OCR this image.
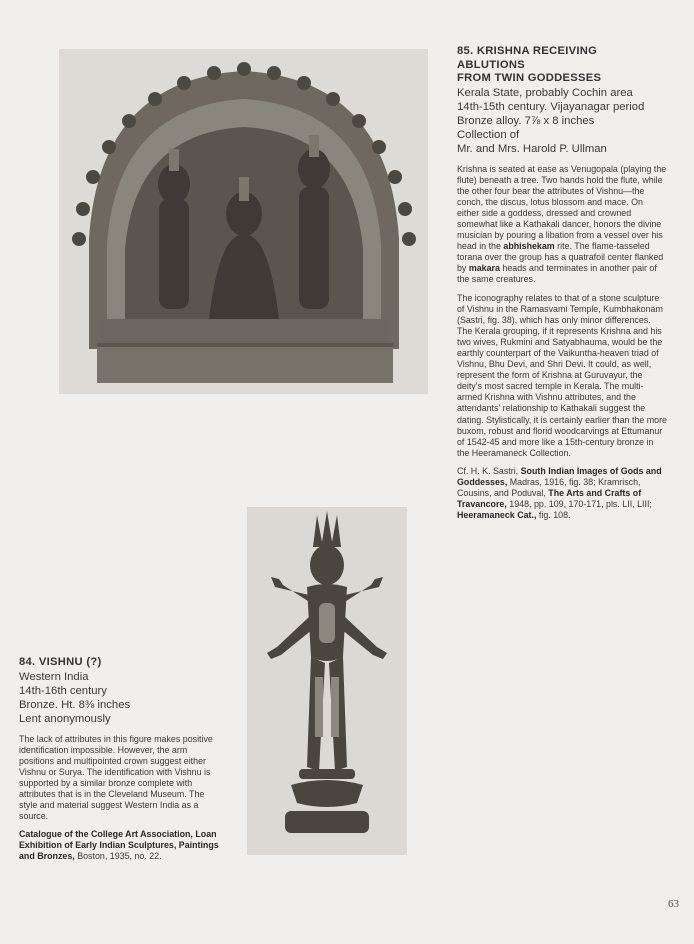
85. KRISHNA RECEIVING ABLUTIONS
FROM TWIN GODDESSES
Kerala State, probably Cochin area
14th-15th century. Vijayanagar period
Bronze alloy. 7⅞ x 8 inches
Collection of
Mr. and Mrs. Harold P. Ullman
Krishna is seated at ease as Venugopala (playing the flute) beneath a tree. Two hands hold the flute, while the other four bear the attributes of Vishnu—the conch, the discus, lotus blossom and mace. On either side a goddess, dressed and crowned somewhat like a Kathakali dancer, honors the divine musician by pouring a libation from a vessel over his head in the abhishekam rite. The flame-tasseled torana over the group has a quatrafoil center flanked by makara heads and terminates in another pair of the same creatures.
The iconography relates to that of a stone sculpture of Vishnu in the Ramasvami Temple, Kumbhakonam (Sastri, fig. 38), which has only minor differences. The Kerala grouping, if it represents Krishna and his two wives, Rukmini and Satyabhauma, would be the earthly counterpart of the Vaikuntha-heaven triad of Vishnu, Bhu Devi, and Shri Devi. It could, as well, represent the form of Krishna at Guruvayur, the deity's most sacred temple in Kerala. The multi-armed Krishna with Vishnu attributes, and the attendants' relationship to Kathakali suggest the dating. Stylistically, it is certainly earlier than the more buxom, robust and florid woodcarvings at Ettumanur of 1542-45 and more like a 15th-century bronze in the Heeramaneck Collection.
Cf. H. K. Sastri, South Indian Images of Gods and Goddesses, Madras, 1916, fig. 38; Kramrisch, Cousins, and Poduval, The Arts and Crafts of Travancore, 1948, pp. 109, 170-171, pls. LII, LIII; Heeramaneck Cat., fig. 108.
84. VISHNU (?)
Western India
14th-16th century
Bronze. Ht. 8⅜ inches
Lent anonymously
The lack of attributes in this figure makes positive identification impossible. However, the arm positions and multipointed crown suggest either Vishnu or Surya. The identification with Vishnu is supported by a similar bronze complete with attributes that is in the Cleveland Museum. The style and material suggest Western India as a source.
Catalogue of the College Art Association, Loan Exhibition of Early Indian Sculptures, Paintings and Bronzes, Boston, 1935, no. 22.
63
